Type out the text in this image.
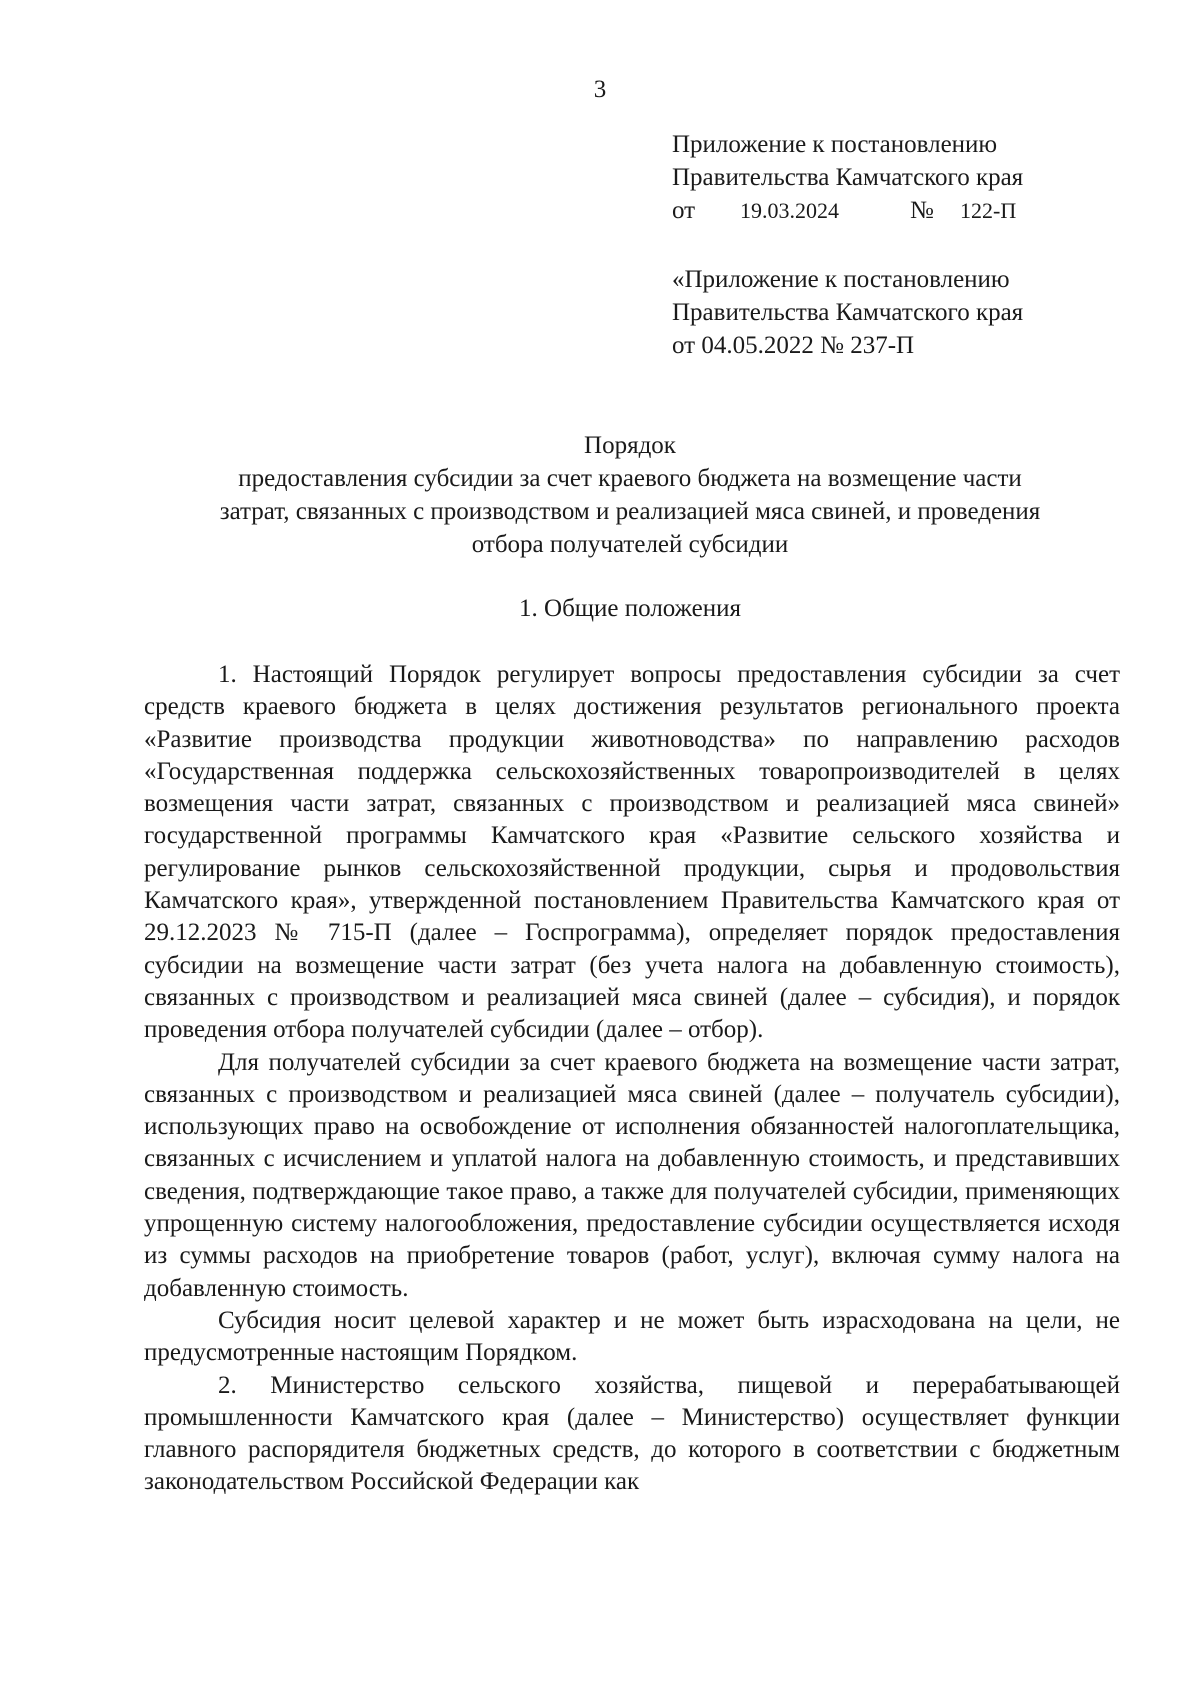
3
Приложение к постановлению
Правительства Камчатского края
от 19.03.2024	№ 122-П
«Приложение к постановлению
Правительства Камчатского края
от 04.05.2022 № 237-П
Порядок
предоставления субсидии за счет краевого бюджета на возмещение части
затрат, связанных с производством и реализацией мяса свиней, и проведения
отбора получателей субсидии
1. Общие положения

1. Настоящий Порядок регулирует вопросы предоставления субсидии за счет средств краевого бюджета в целях достижения результатов регионального проекта «Развитие производства продукции животноводства» по направлению расходов «Государственная поддержка сельскохозяйственных товаропроизводителей в целях возмещения части затрат, связанных с производством и реализацией мяса свиней» государственной программы Камчатского края «Развитие сельского хозяйства и регулирование рынков сельскохозяйственной продукции, сырья и продовольствия Камчатского края», утвержденной постановлением Правительства Камчатского края от 29.12.2023 № 715-П (далее – Госпрограмма), определяет порядок предоставления субсидии на возмещение части затрат (без учета налога на добавленную стоимость), связанных с производством и реализацией мяса свиней (далее – субсидия), и порядок проведения отбора получателей субсидии (далее – отбор).

Для получателей субсидии за счет краевого бюджета на возмещение части затрат, связанных с производством и реализацией мяса свиней (далее – получатель субсидии), использующих право на освобождение от исполнения обязанностей налогоплательщика, связанных с исчислением и уплатой налога на добавленную стоимость, и представивших сведения, подтверждающие такое право, а также для получателей субсидии, применяющих упрощенную систему налогообложения, предоставление субсидии осуществляется исходя из суммы расходов на приобретение товаров (работ, услуг), включая сумму налога на добавленную стоимость.

Субсидия носит целевой характер и не может быть израсходована на цели, не предусмотренные настоящим Порядком.

2. Министерство сельского хозяйства, пищевой и перерабатывающей промышленности Камчатского края (далее – Министерство) осуществляет функции главного распорядителя бюджетных средств, до которого в соответствии с бюджетным законодательством Российской Федерации как
